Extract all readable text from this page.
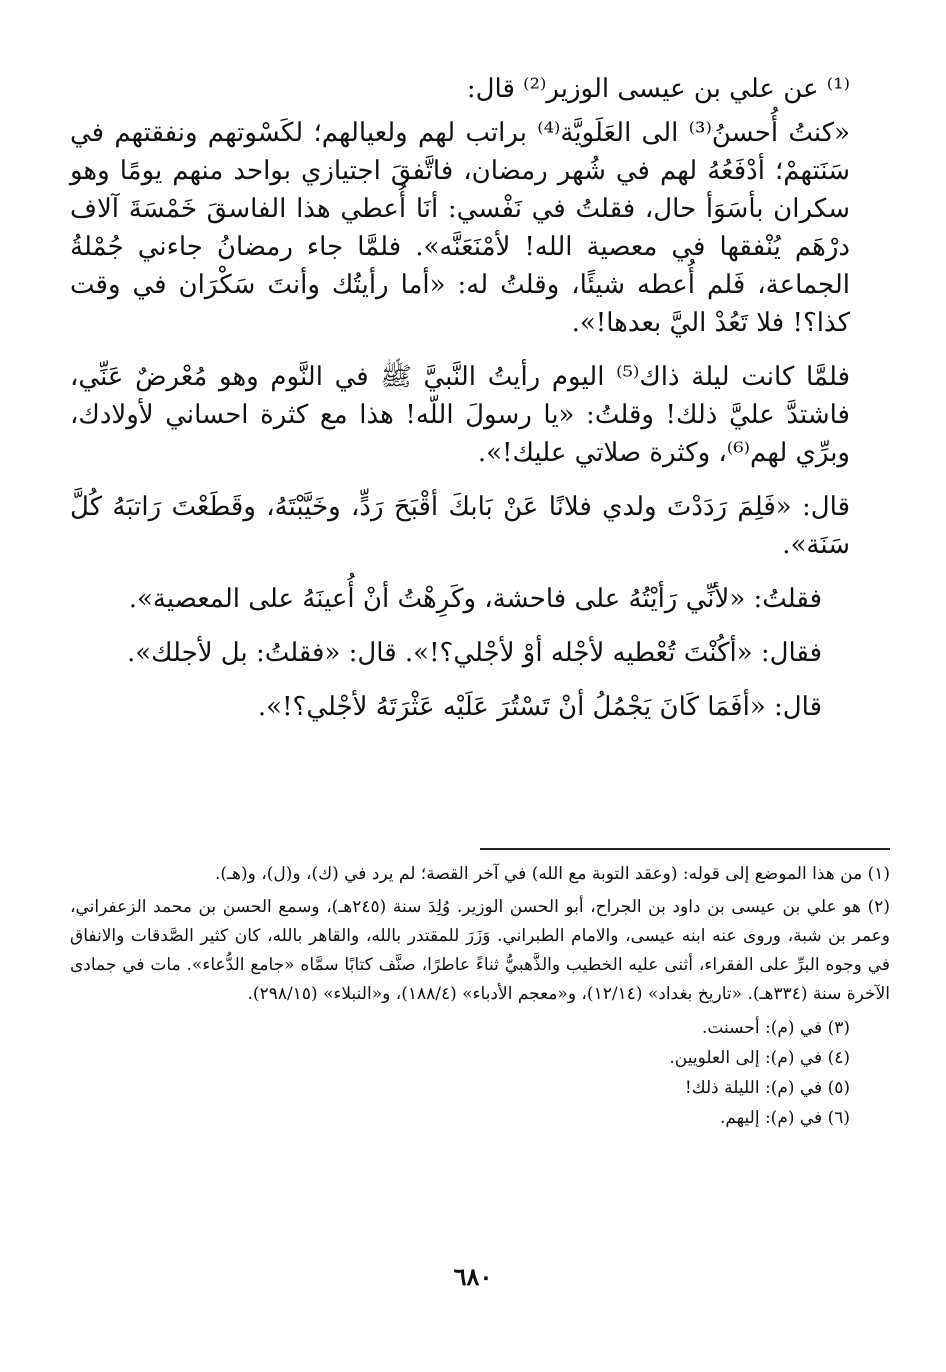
⁽¹⁾ عن علي بن عيسى الوزير⁽²⁾ قال:

«كنتُ أُحسنُ⁽³⁾ الى العَلَويَّة⁽⁴⁾ براتب لهم ولعيالهم؛ لكَسْوتهم ونفقتهم في سَنَتهمْ؛ أدْفَعُهُ لهم في شُهر رمضان، فاتَّفقَ اجتيازي بواحد منهم يومًا وهو سكران بأسَوَأ حال، فقلتُ في نَفْسي: أنَا أُعطي هذا الفاسقَ خَمْسَةَ آلاف درْهَم يُنْفقها في معصية الله! لأمْنَعَنَّه». فلمَّا جاء رمضانُ جاءني جُمْلةُ الجماعة، فَلم أُعطه شيئًا، وقلتُ له: «أما رأيتُك وأنتَ سَكْرَان في وقت كذا؟! فلا تَعُدْ اليَّ بعدها!».

فلمَّا كانت ليلة ذاك⁽⁵⁾ اليوم رأيتُ النَّبيَّ ﷺ في النَّوم وهو مُعْرضٌ عَنِّي، فاشتدَّ عليَّ ذلك! وقلتُ: «يا رسولَ اللّه! هذا مع كثرة احساني لأولادك، وبرِّي لهم⁽⁶⁾، وكثرة صلاتي عليك!».

قال: «فَلِمَ رَدَدْتَ ولدي فلانًا عَنْ بَابكَ أقْبَحَ رَدٍّ، وخَيَّبْتَهُ، وقَطَعْتَ رَاتبَهُ كُلَّ سَنَة».

فقلتُ: «لأنِّي رَأيْتُهُ على فاحشة، وكَرِهْتُ أنْ أُعينَهُ على المعصية».

فقال: «أكُنْتَ تُعْطيه لأجْله أوْ لأجْلي؟!». قال: «فقلتُ: بل لأجلك».

قال: «أفَمَا كَانَ يَجْمُلُ أنْ تَسْتُرَ عَلَيْه عَثْرَتَهُ لأجْلي؟!».

(١) من هذا الموضع إلى قوله: (وعقد التوبة مع الله) في آخر القصة؛ لم يرد في (ك)، و(ل)، و(هـ).

(٢) هو علي بن عيسى بن داود بن الجراح، أبو الحسن الوزير. وُلِدَ سنة (٢٤٥هـ)، وسمع الحسن بن محمد الزعفراني، وعمر بن شبة، وروى عنه ابنه عيسى، والامام الطبراني. وَزَرَ للمقتدر بالله، والقاهر بالله، كان كثير الصَّدقات والانفاق في وجوه البرِّ على الفقراء، أثنى عليه الخطيب والذَّهبيُّ ثناءً عاطرًا، صنَّف كتابًا سمَّاه «جامع الدُّعاء». مات في جمادى الآخرة سنة (٣٣٤هـ). «تاريخ بغداد» (١٢/١٤)، و«معجم الأدباء» (١٨٨/٤)، و«النبلاء» (٢٩٨/١٥).

(٣) في (م): أحسنت.

(٤) في (م): إلى العلويين.

(٥) في (م): الليلة ذلك!

(٦) في (م): إليهم.

٦٨٠
